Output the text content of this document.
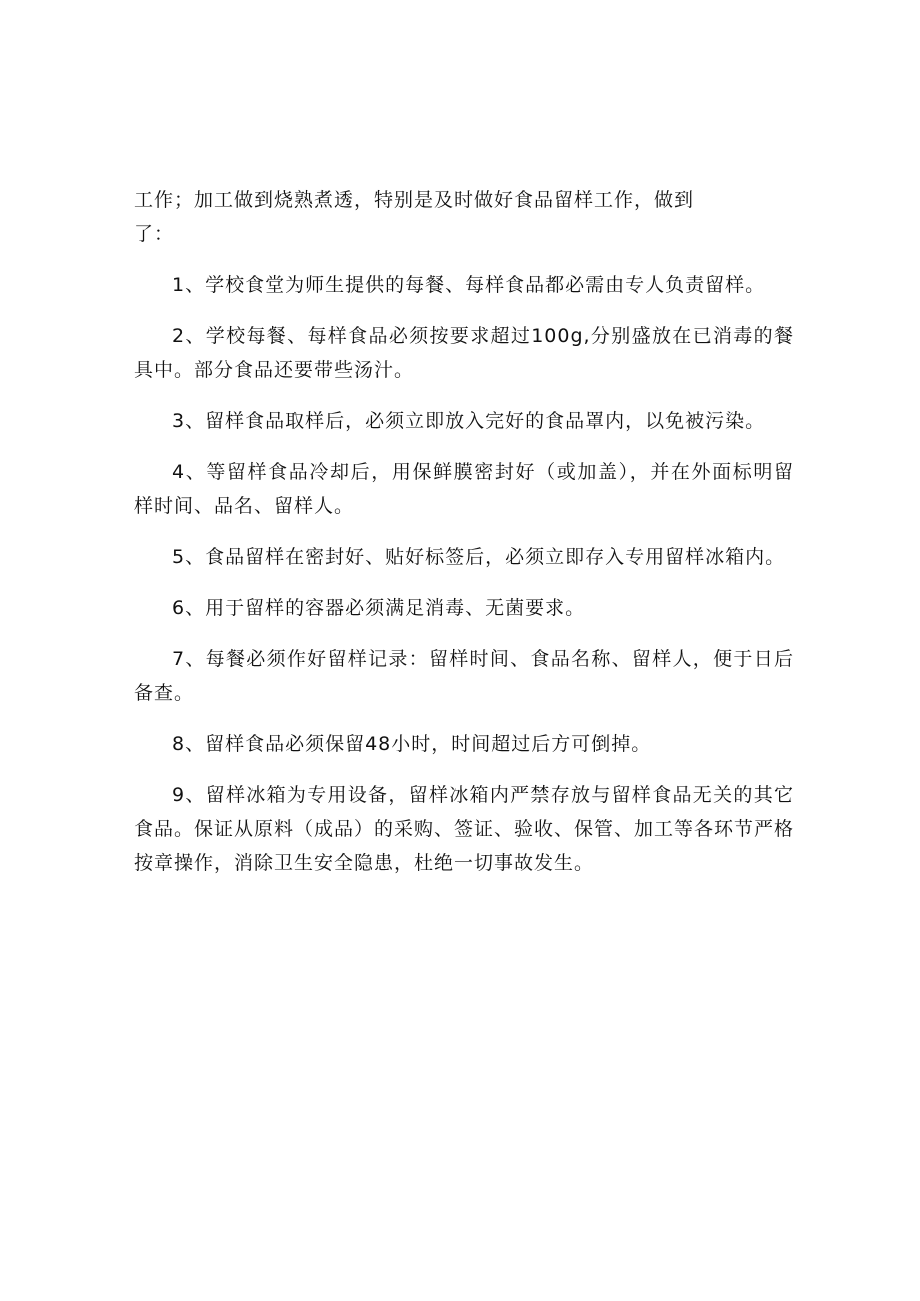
工作；加工做到烧熟煮透，特别是及时做好食品留样工作，做到了：

1、学校食堂为师生提供的每餐、每样食品都必需由专人负责留样。

2、学校每餐、每样食品必须按要求超过100g,分别盛放在已消毒的餐具中。部分食品还要带些汤汁。

3、留样食品取样后，必须立即放入完好的食品罩内，以免被污染。

4、等留样食品冷却后，用保鲜膜密封好（或加盖），并在外面标明留样时间、品名、留样人。

5、食品留样在密封好、贴好标签后，必须立即存入专用留样冰箱内。

6、用于留样的容器必须满足消毒、无菌要求。

7、每餐必须作好留样记录：留样时间、食品名称、留样人，便于日后备查。

8、留样食品必须保留48小时，时间超过后方可倒掉。

9、留样冰箱为专用设备，留样冰箱内严禁存放与留样食品无关的其它食品。保证从原料（成品）的采购、签证、验收、保管、加工等各环节严格按章操作，消除卫生安全隐患，杜绝一切事故发生。
